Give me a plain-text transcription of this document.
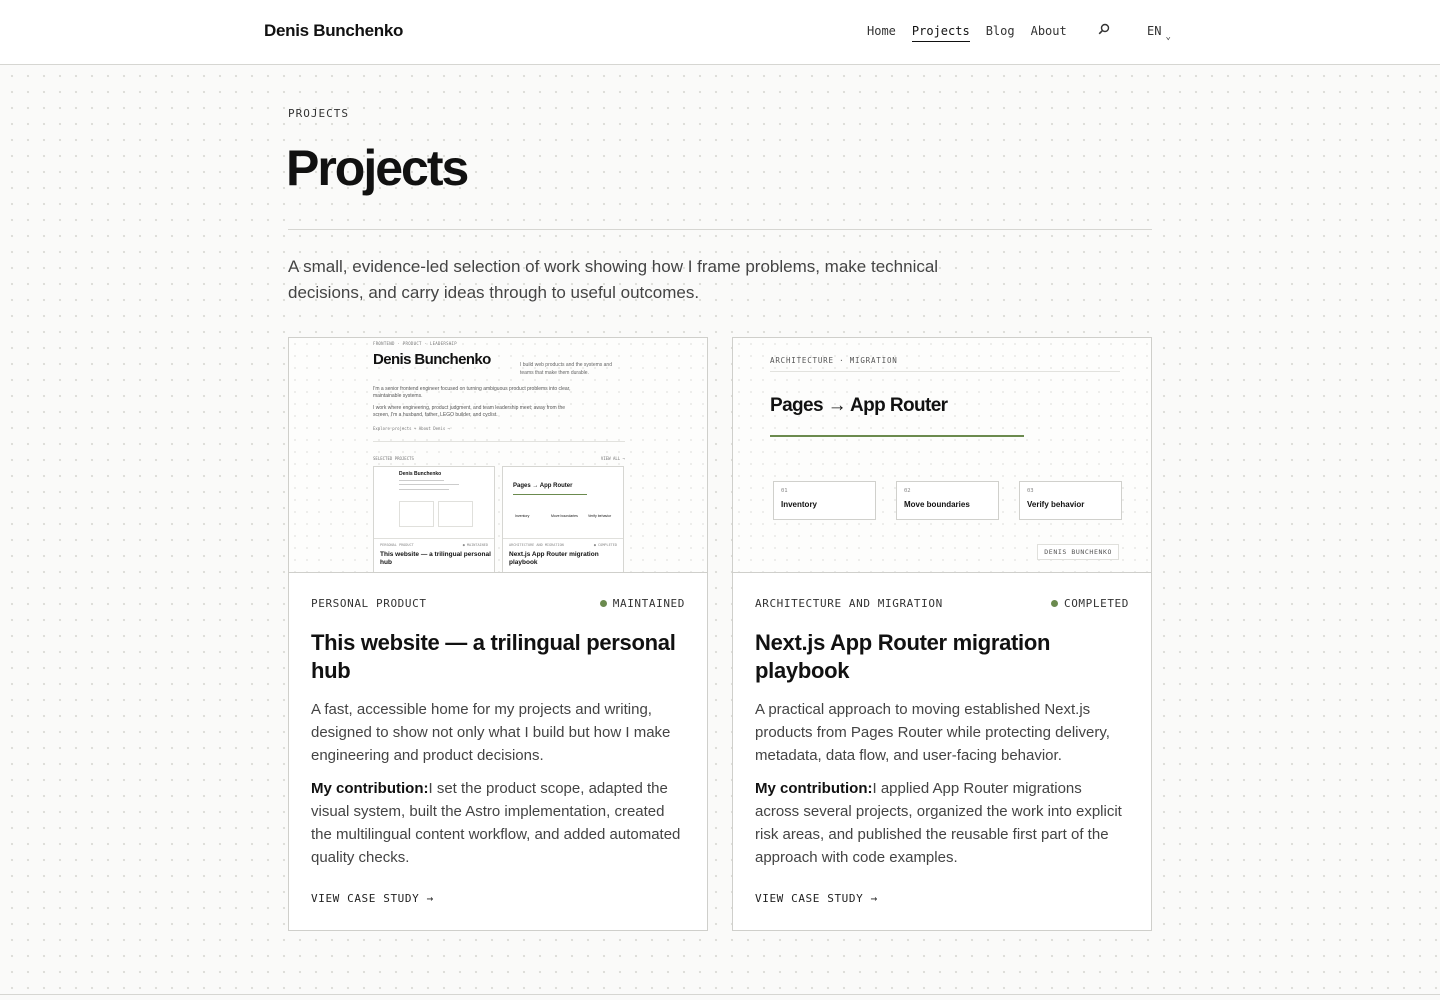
Denis Bunchenko	Home Projects Blog About	EN $_⌄$
PROJECTS
Projects

A small, evidence-led selection of work showing how I frame problems, make technical decisions, and carry ideas through to useful outcomes.

FRONTEND · PRODUCT · LEADERSHIP
Denis Bunchenko	I build web products and the systems and teams that make them durable.
I'm a senior frontend engineer focused on turning ambiguous product problems into clear, maintainable systems.
I work where engineering, product judgment, and team leadership meet; away from the screen, I'm a husband, father, LEGO builder, and cyclist.
Explore projects → About Denis →
SELECTED PROJECTS	VIEW ALL →
Denis Bunchenko
PERSONAL PRODUCT	● MAINTAINED
This website — a trilingual personal hub
Pages → App Router
Inventory	Move boundaries	Verify behavior
ARCHITECTURE AND MIGRATION	● COMPLETED
Next.js App Router migration playbook
PERSONAL PRODUCT	MAINTAINED
This website — a trilingual personal hub

A fast, accessible home for my projects and writing, designed to show not only what I build but how I make engineering and product decisions.

My contribution:I set the product scope, adapted the visual system, built the Astro implementation, created the multilingual content workflow, and added automated quality checks.

VIEW CASE STUDY →
ARCHITECTURE · MIGRATION
Pages → App Router
01
Inventory
02
Move boundaries
03
Verify behavior
DENIS BUNCHENKO
ARCHITECTURE AND MIGRATION	COMPLETED
Next.js App Router migration playbook

A practical approach to moving established Next.js products from Pages Router while protecting delivery, metadata, data flow, and user-facing behavior.

My contribution:I applied App Router migrations across several projects, organized the work into explicit risk areas, and published the reusable first part of the approach with code examples.

VIEW CASE STUDY →
